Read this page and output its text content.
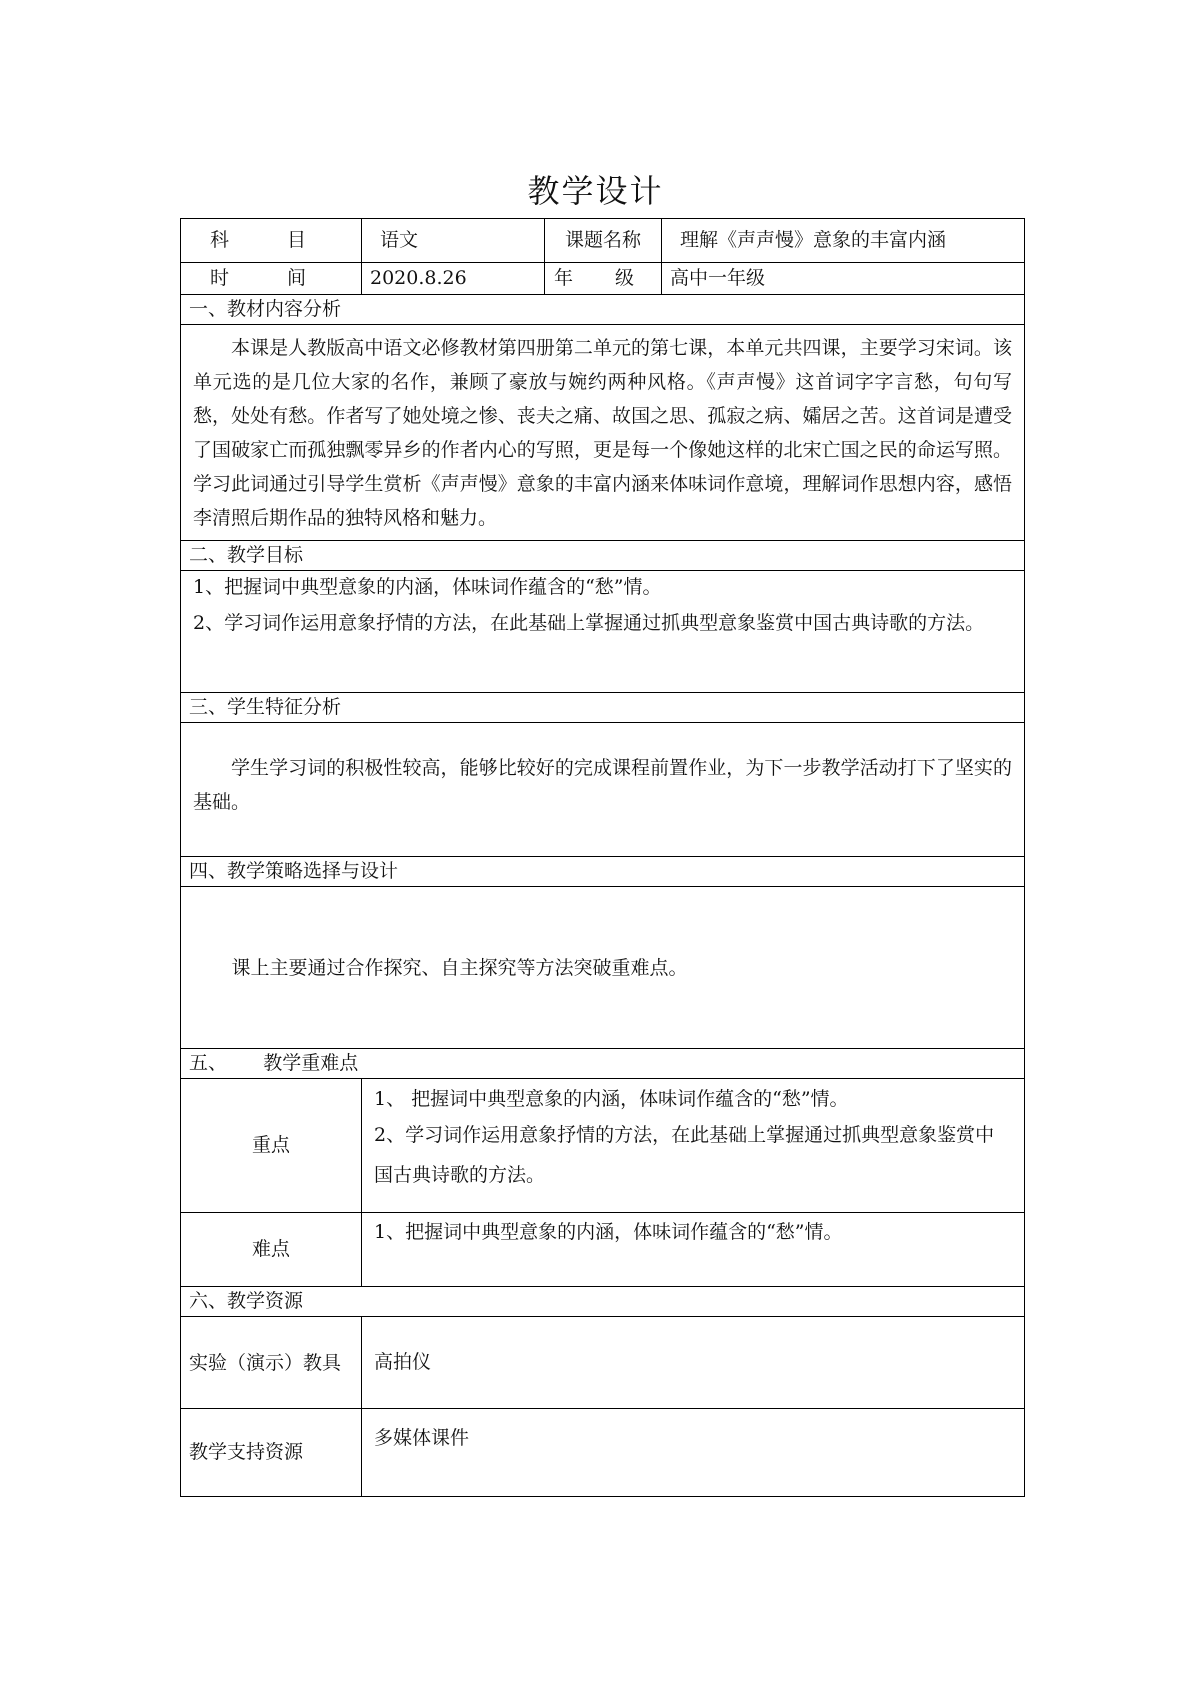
教学设计
科 目	语文	课题名称	理解《声声慢》意象的丰富内涵
时 间	2020.8.26	年 级	高中一年级
一、教材内容分析			

本课是人教版高中语文必修教材第四册第二单元的第七课，本单元共四课，主要学习宋词。该单元选的是几位大家的名作，兼顾了豪放与婉约两种风格。《声声慢》这首词字字言愁，句句写愁，处处有愁。作者写了她处境之惨、丧夫之痛、故国之思、孤寂之病、孀居之苦。这首词是遭受了国破家亡而孤独飘零异乡的作者内心的写照，更是每一个像她这样的北宋亡国之民的命运写照。学习此词通过引导学生赏析《声声慢》意象的丰富内涵来体味词作意境，理解词作思想内容，感悟李清照后期作品的独特风格和魅力。			

二、教学目标			

1、把握词中典型意象的内涵，体味词作蕴含的“愁”情。

2、学习词作运用意象抒情的方法，在此基础上掌握通过抓典型意象鉴赏中国古典诗歌的方法。			

三、学生特征分析			

学生学习词的积极性较高，能够比较好的完成课程前置作业，为下一步教学活动打下了坚实的基础。			

四、教学策略选择与设计			

课上主要通过合作探究、自主探究等方法突破重难点。			

五、      教学重难点			
重点	1、 把握词中典型意象的内涵，体味词作蕴含的“愁”情。

2、学习词作运用意象抒情的方法，在此基础上掌握通过抓典型意象鉴赏中国古典诗歌的方法。		

难点	1、把握词中典型意象的内涵，体味词作蕴含的“愁”情。		

六、教学资源			
实验（演示）教具	高拍仪		
教学支持资源	多媒体课件		
